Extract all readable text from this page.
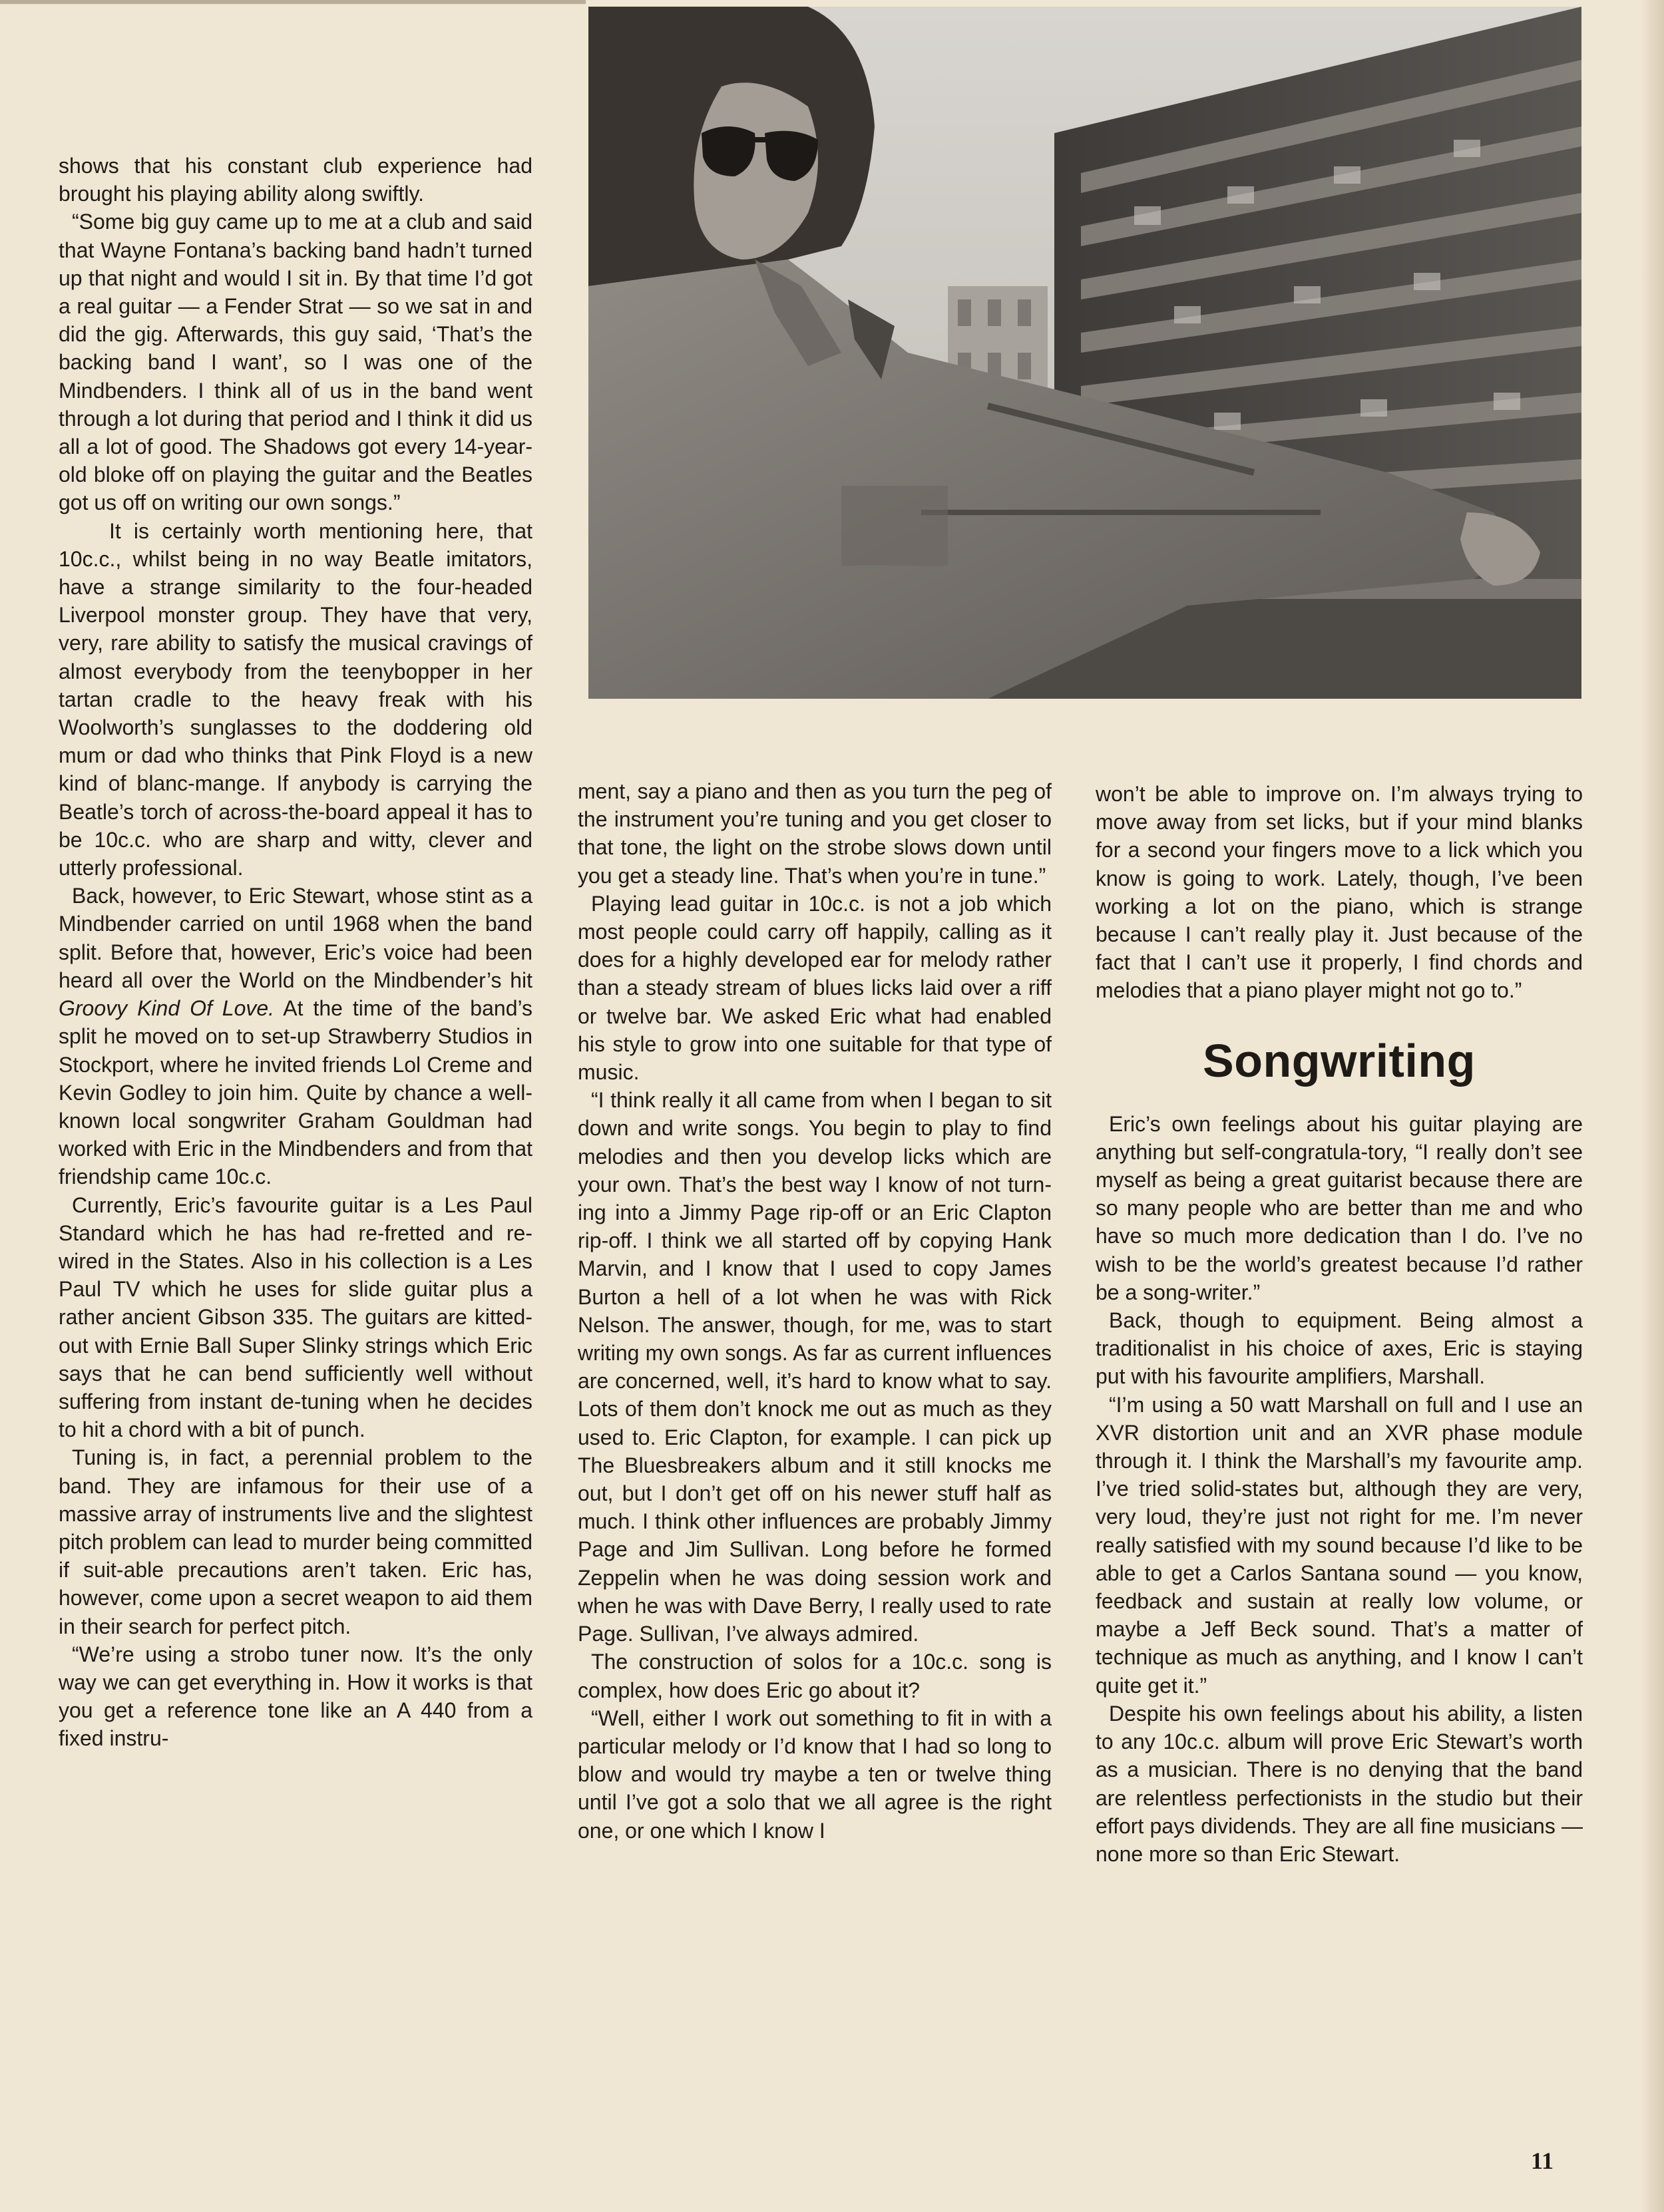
shows that his constant club experience had brought his playing ability along swiftly.

“Some big guy came up to me at a club and said that Wayne Fontana’s backing band hadn’t turned up that night and would I sit in. By that time I’d got a real guitar — a Fender Strat — so we sat in and did the gig. Afterwards, this guy said, ‘That’s the backing band I want’, so I was one of the Mindbenders. I think all of us in the band went through a lot during that period and I think it did us all a lot of good. The Shadows got every 14-year-old bloke off on playing the guitar and the Beatles got us off on writing our own songs.”

It is certainly worth mentioning here, that 10c.c., whilst being in no way Beatle imitators, have a strange similarity to the four-headed Liverpool monster group. They have that very, very, rare ability to satisfy the musical cravings of almost everybody from the teenybopper in her tartan cradle to the heavy freak with his Woolworth’s sunglasses to the doddering old mum or dad who thinks that Pink Floyd is a new kind of blanc-mange. If anybody is carrying the Beatle’s torch of across-the-board appeal it has to be 10c.c. who are sharp and witty, clever and utterly professional.

Back, however, to Eric Stewart, whose stint as a Mindbender carried on until 1968 when the band split. Before that, however, Eric’s voice had been heard all over the World on the Mindbender’s hit Groovy Kind Of Love. At the time of the band’s split he moved on to set-up Strawberry Studios in Stockport, where he invited friends Lol Creme and Kevin Godley to join him. Quite by chance a well-known local songwriter Graham Gouldman had worked with Eric in the Mindbenders and from that friendship came 10c.c.

Currently, Eric’s favourite guitar is a Les Paul Standard which he has had re-fretted and re-wired in the States. Also in his collection is a Les Paul TV which he uses for slide guitar plus a rather ancient Gibson 335. The guitars are kitted-out with Ernie Ball Super Slinky strings which Eric says that he can bend sufficiently well without suffering from instant de-tuning when he decides to hit a chord with a bit of punch.

Tuning is, in fact, a perennial problem to the band. They are infamous for their use of a massive array of instruments live and the slightest pitch problem can lead to murder being committed if suit-able precautions aren’t taken. Eric has, however, come upon a secret weapon to aid them in their search for perfect pitch.

“We’re using a strobo tuner now. It’s the only way we can get everything in. How it works is that you get a reference tone like an A 440 from a fixed instru-

ment, say a piano and then as you turn the peg of the instrument you’re tuning and you get closer to that tone, the light on the strobe slows down until you get a steady line. That’s when you’re in tune.”

Playing lead guitar in 10c.c. is not a job which most people could carry off happily, calling as it does for a highly developed ear for melody rather than a steady stream of blues licks laid over a riff or twelve bar. We asked Eric what had enabled his style to grow into one suitable for that type of music.

“I think really it all came from when I began to sit down and write songs. You begin to play to find melodies and then you develop licks which are your own. That’s the best way I know of not turn-ing into a Jimmy Page rip-off or an Eric Clapton rip-off. I think we all started off by copying Hank Marvin, and I know that I used to copy James Burton a hell of a lot when he was with Rick Nelson. The answer, though, for me, was to start writing my own songs. As far as current influences are concerned, well, it’s hard to know what to say. Lots of them don’t knock me out as much as they used to. Eric Clapton, for example. I can pick up The Bluesbreakers album and it still knocks me out, but I don’t get off on his newer stuff half as much. I think other influences are probably Jimmy Page and Jim Sullivan. Long before he formed Zeppelin when he was doing session work and when he was with Dave Berry, I really used to rate Page. Sullivan, I’ve always admired.

The construction of solos for a 10c.c. song is complex, how does Eric go about it?

“Well, either I work out something to fit in with a particular melody or I’d know that I had so long to blow and would try maybe a ten or twelve thing until I’ve got a solo that we all agree is the right one, or one which I know I

won’t be able to improve on. I’m always trying to move away from set licks, but if your mind blanks for a second your fingers move to a lick which you know is going to work. Lately, though, I’ve been working a lot on the piano, which is strange because I can’t really play it. Just because of the fact that I can’t use it properly, I find chords and melodies that a piano player might not go to.”

Songwriting

Eric’s own feelings about his guitar playing are anything but self-congratula-tory, “I really don’t see myself as being a great guitarist because there are so many people who are better than me and who have so much more dedication than I do. I’ve no wish to be the world’s greatest because I’d rather be a song-writer.”

Back, though to equipment. Being almost a traditionalist in his choice of axes, Eric is staying put with his favourite amplifiers, Marshall.

“I’m using a 50 watt Marshall on full and I use an XVR distortion unit and an XVR phase module through it. I think the Marshall’s my favourite amp. I’ve tried solid-states but, although they are very, very loud, they’re just not right for me. I’m never really satisfied with my sound because I’d like to be able to get a Carlos Santana sound — you know, feedback and sustain at really low volume, or maybe a Jeff Beck sound. That’s a matter of technique as much as anything, and I know I can’t quite get it.”

Despite his own feelings about his ability, a listen to any 10c.c. album will prove Eric Stewart’s worth as a musician. There is no denying that the band are relentless perfectionists in the studio but their effort pays dividends. They are all fine musicians — none more so than Eric Stewart.

11
